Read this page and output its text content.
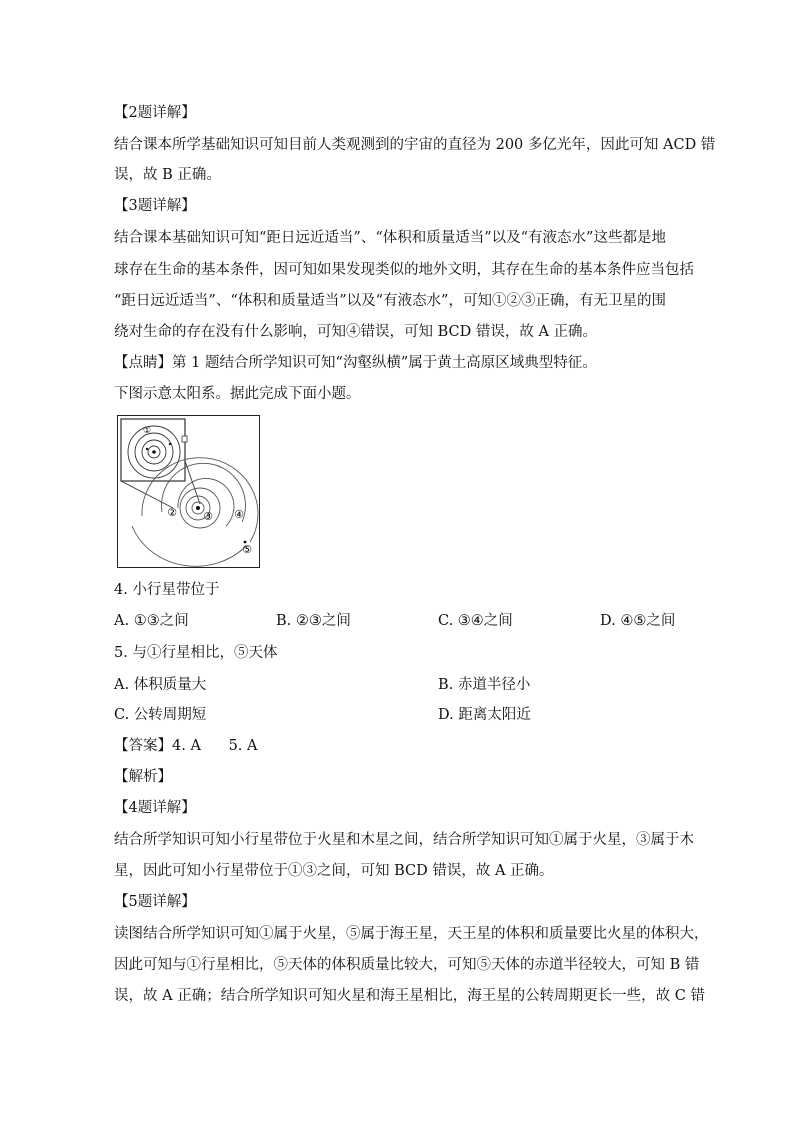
【2题详解】
结合课本所学基础知识可知目前人类观测到的宇宙的直径为 200 多亿光年，因此可知 ACD 错
误，故 B 正确。
【3题详解】
结合课本基础知识可知“距日远近适当”、“体积和质量适当”以及“有液态水”这些都是地
球存在生命的基本条件，因可知如果发现类似的地外文明，其存在生命的基本条件应当包括
“距日远近适当”、“体积和质量适当”以及“有液态水”，可知①②③正确，有无卫星的围
绕对生命的存在没有什么影响，可知④错误，可知 BCD 错误，故 A 正确。
【点睛】第 1 题结合所学知识可知“沟壑纵横”属于黄土高原区域典型特征。
下图示意太阳系。据此完成下面小题。
①
② ③ ④
⑤
4. 小行星带位于
A. ①③之间	B. ②③之间	C. ③④之间	D. ④⑤之间
5. 与①行星相比，⑤天体
A. 体积质量大	B. 赤道半径小
C. 公转周期短	D. 距离太阳近
【答案】4. A      5. A
【解析】
【4题详解】
结合所学知识可知小行星带位于火星和木星之间，结合所学知识可知①属于火星，③属于木
星，因此可知小行星带位于①③之间，可知 BCD 错误，故 A 正确。
【5题详解】
读图结合所学知识可知①属于火星，⑤属于海王星，天王星的体积和质量要比火星的体积大，
因此可知与①行星相比，⑤天体的体积质量比较大，可知⑤天体的赤道半径较大，可知 B 错
误，故 A 正确；结合所学知识可知火星和海王星相比，海王星的公转周期更长一些，故 C 错
